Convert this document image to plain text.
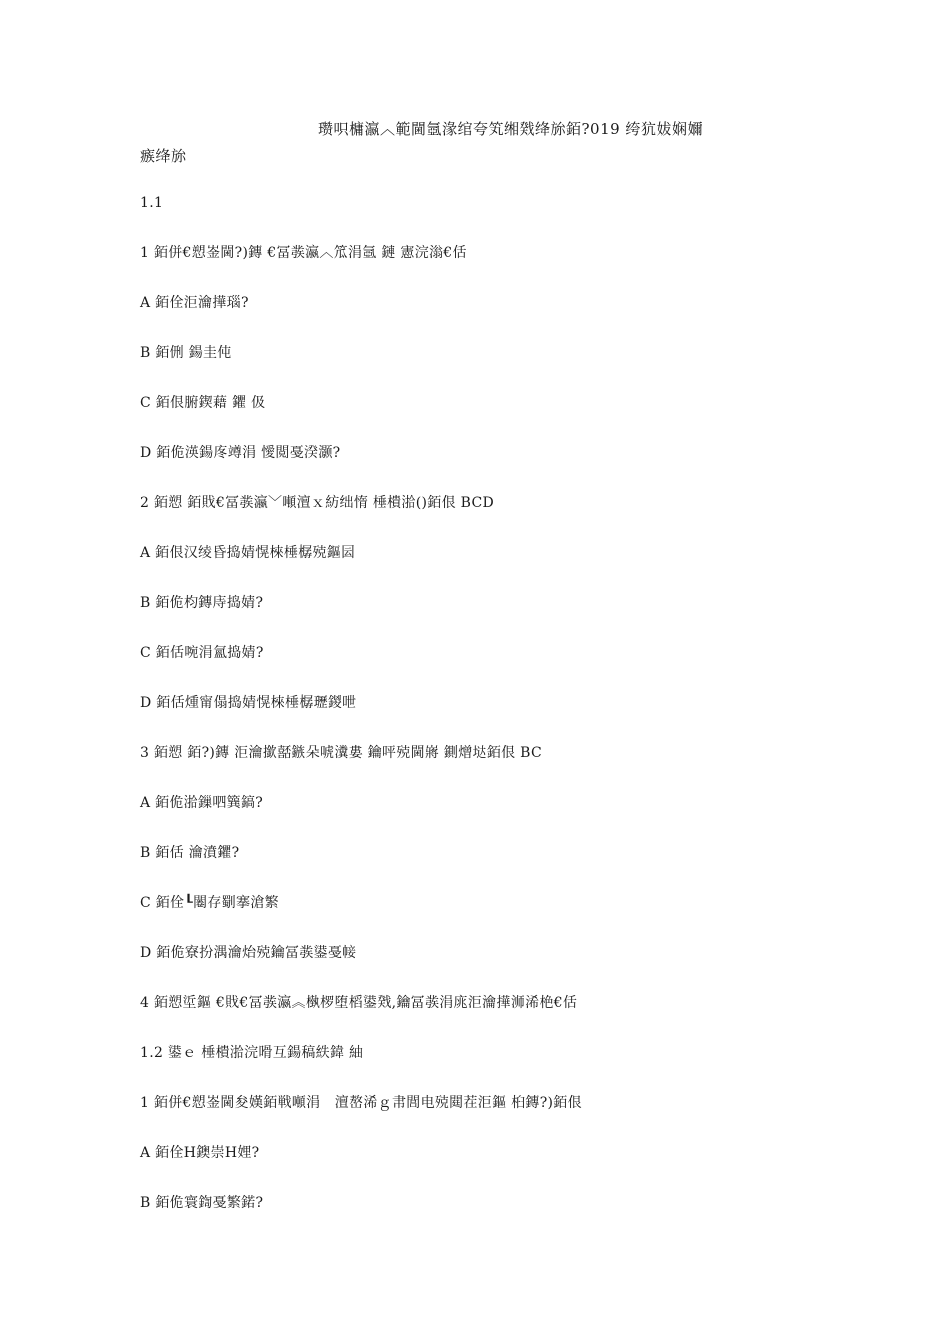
瓒呮槦瀛︿範閫氬湪绾夸笂缃戣绛旀銆?019 绔犺妭娴嬭
瘯绛旀
1.1
1 銆併€愬崟閫?)鏄 €冨彂瀛︿笟涓氬 鏈 憲浣滃€佸
A 銆佺洰瀹撶瑙?
B 銆侀 鍚圭伅
C 銆佷腑鍥藉 鑺 伋
D 銆佹渶鍚庝竴涓 懓閲戞湀灏?
2 銆愬 銆戝€冨彂瀛﹀噸澶ｘ紡绌惰 棰樻湁()銆佷 BCD
A 銆佷汉绫昏捣婧愰棶棰樼殑鏂囩
B 銆佹枃鏄庤捣婧?
C 銆佸啘涓氳捣婧?
D 銆佸煄甯傝捣婧愰棶棰樼瓑鍐呭
3 銆愬 銆?)鏄 洰瀹撳嚭鏃朵唬瀵婁 鑰呯殑閫嶈 鍘熷垯銆佷 BC
A 銆佹湁鏁呬簨鎬?
B 銆佸 瀹濆鑺?
C 銆佺┖闂存劅搴滄繁
D 銆佹寮扮湡瀹炲殑鑰冨彂鍙戞帹
4 銆愬垽鏂 €戝€冨彂瀛︽槸椤堕槄鍙戣,鑰冨彂涓庣洰瀹撶浉浠栬€佸
1.2 鍙ｅ 棰樻湁浣嗗互鍚稿紩鍏 紬
1 銆併€愬崟閫夋嫨銆戦噸涓　澶嶅浠ｇ帇閭电殑閮茬洰鏂 桕鏄?)銆佷
A 銆佺Η鐭崇Η娌?
B 銆佹寰鍧戞繁鍩?
